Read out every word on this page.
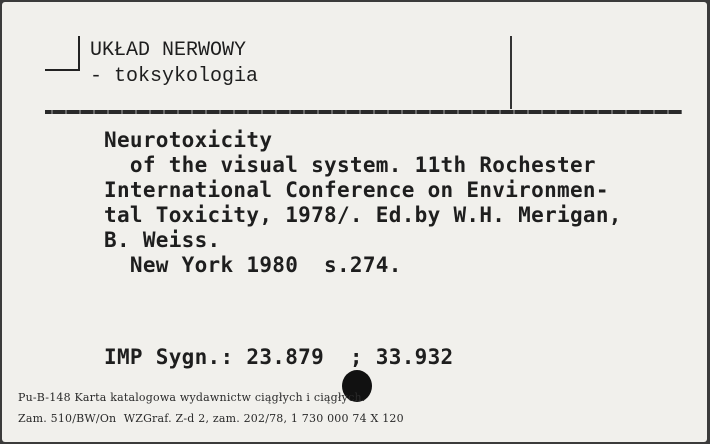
UKŁAD NERWOWY
- toksykologia
Neurotoxicity
of the visual system. 11th Rochester
International Conference on Environmen-
tal Toxicity, 1978/. Ed.by W.H. Merigan,
B. Weiss.
New York 1980  s.274.
IMP Sygn.: 23.879  ; 33.932
Pu-B-148 Karta katalogowa wydawnictw ciągłych i ciągłych.
Zam. 510/BW/On  WZGraf. Z-d 2, zam. 202/78, 1 730 000 74 X 120
